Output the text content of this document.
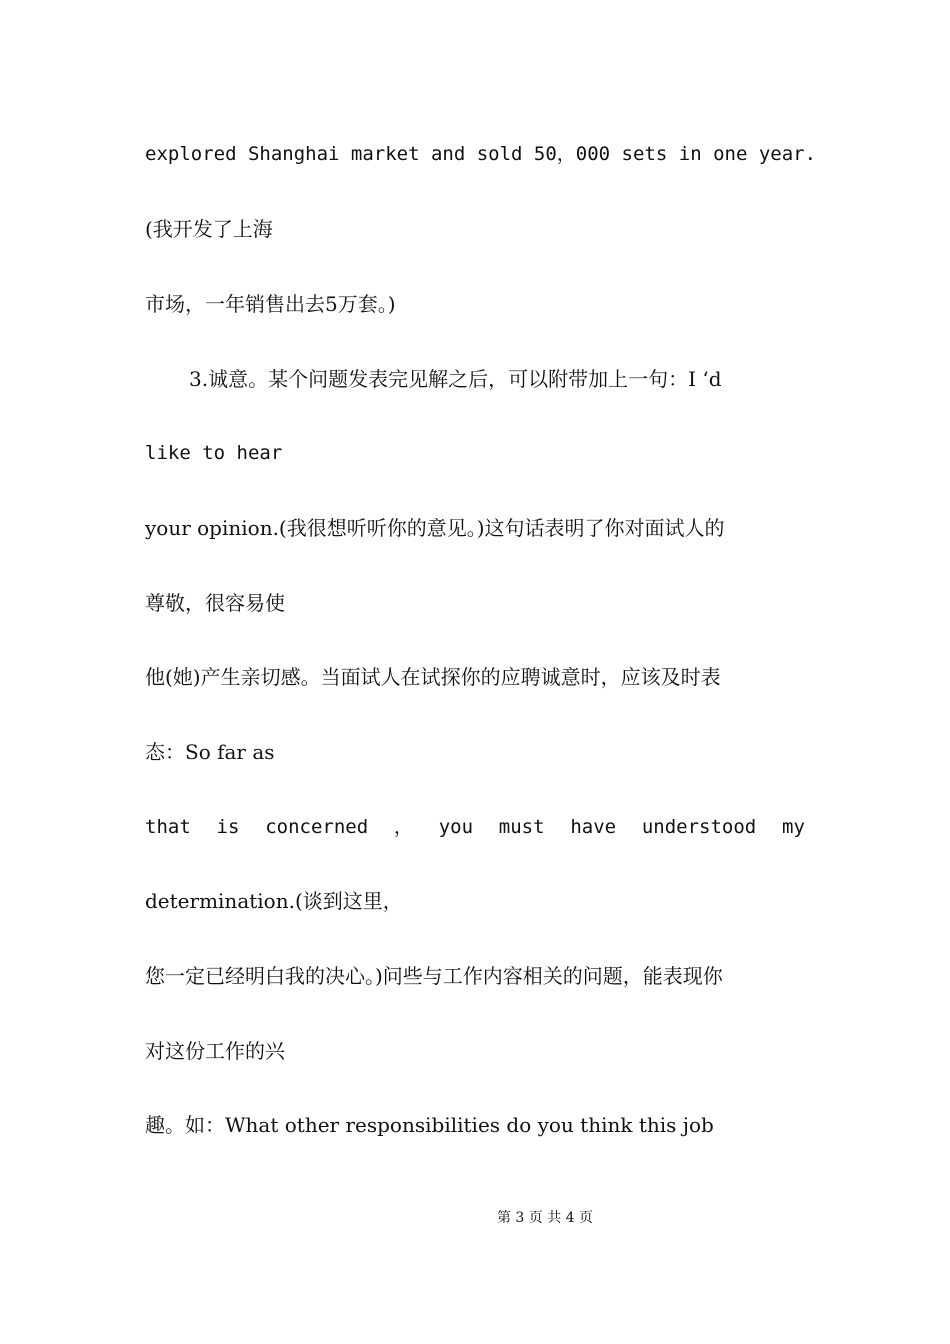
explored Shanghai market and sold 50，000 sets in one year.
(我开发了上海
市场，一年销售出去5万套。)
3.诚意。某个问题发表完见解之后，可以附带加上一句：I ‘d
like to hear
your opinion.(我很想听听你的意见。)这句话表明了你对面试人的
尊敬，很容易使
他(她)产生亲切感。当面试人在试探你的应聘诚意时，应该及时表
态：So far as
that is concerned ， you must have understood my
determination.(谈到这里，
您一定已经明白我的决心。)问些与工作内容相关的问题，能表现你
对这份工作的兴
趣。如：What other responsibilities do you think this job
第 3 页 共 4 页
